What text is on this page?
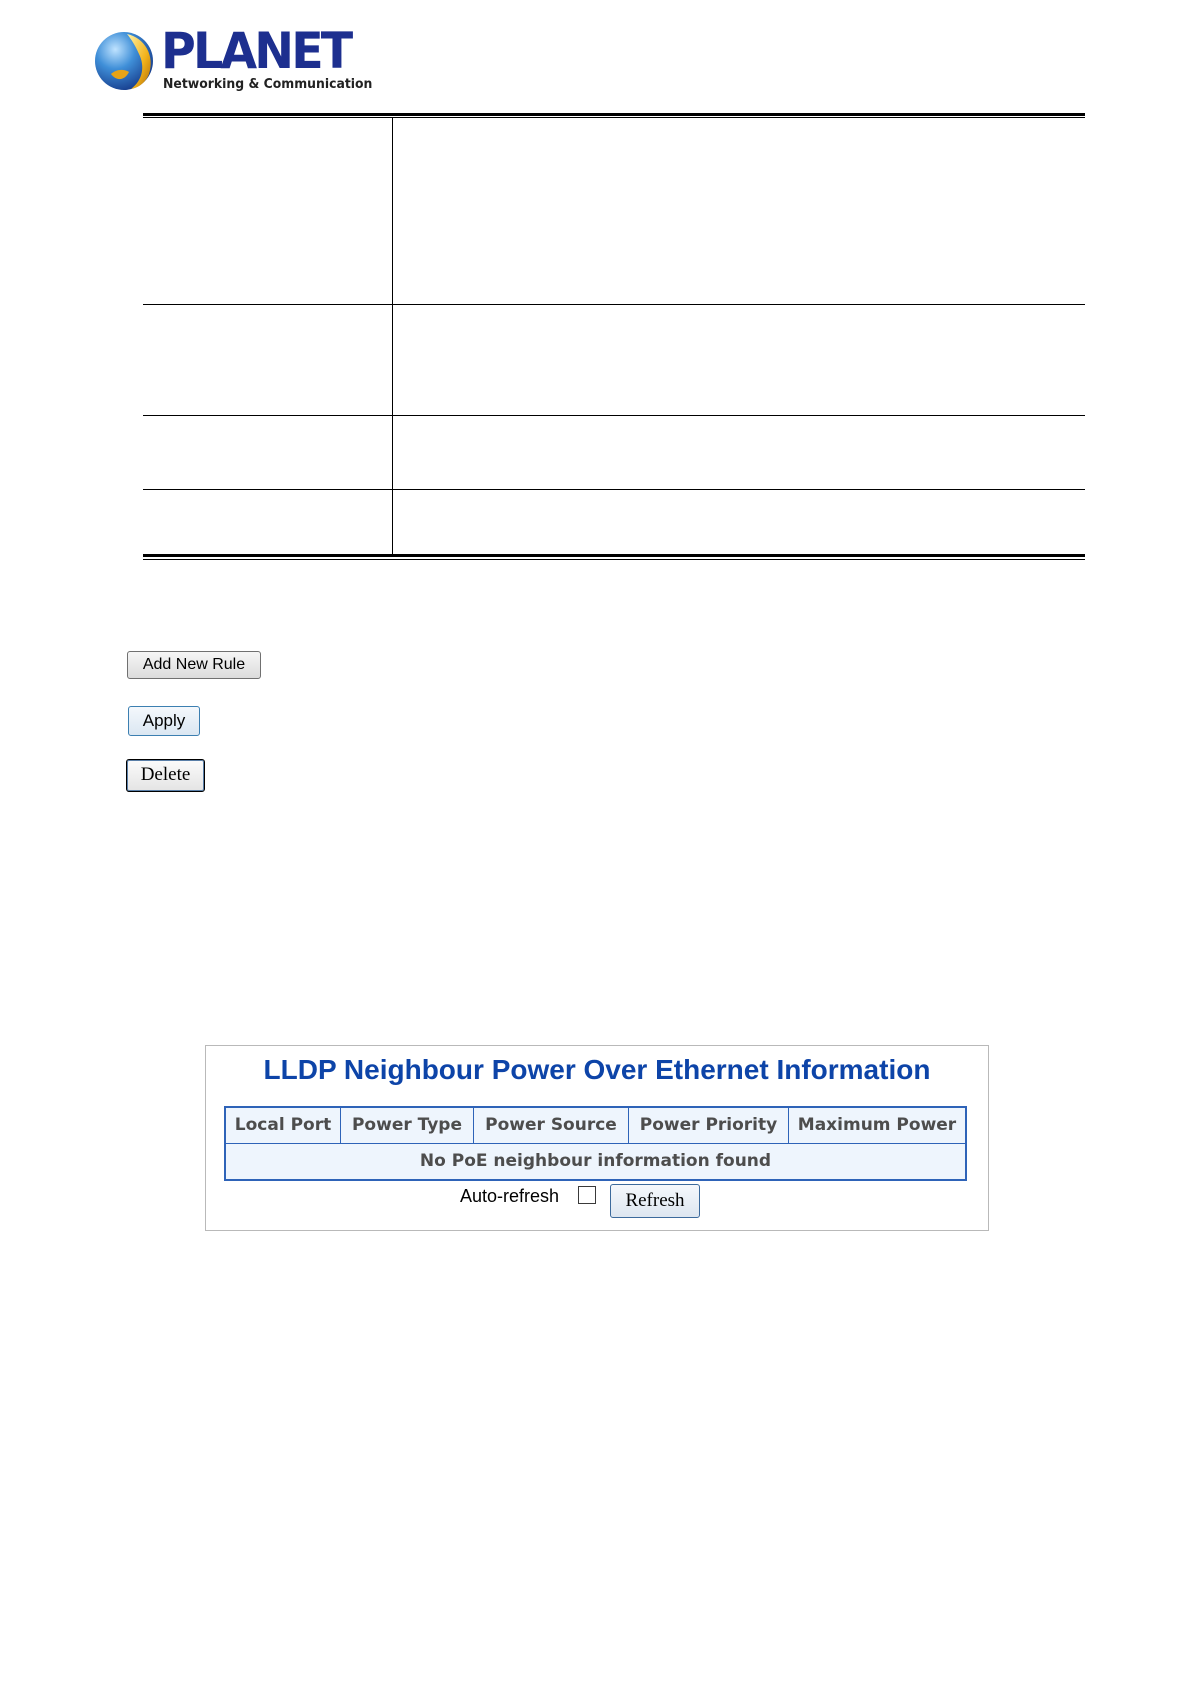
PLANET
Networking & Communication
Add New Rule
Apply
Delete
LLDP Neighbour Power Over Ethernet Information
Local Port	Power Type	Power Source	Power Priority	Maximum Power
No PoE neighbour information found
Auto-refresh	Refresh
